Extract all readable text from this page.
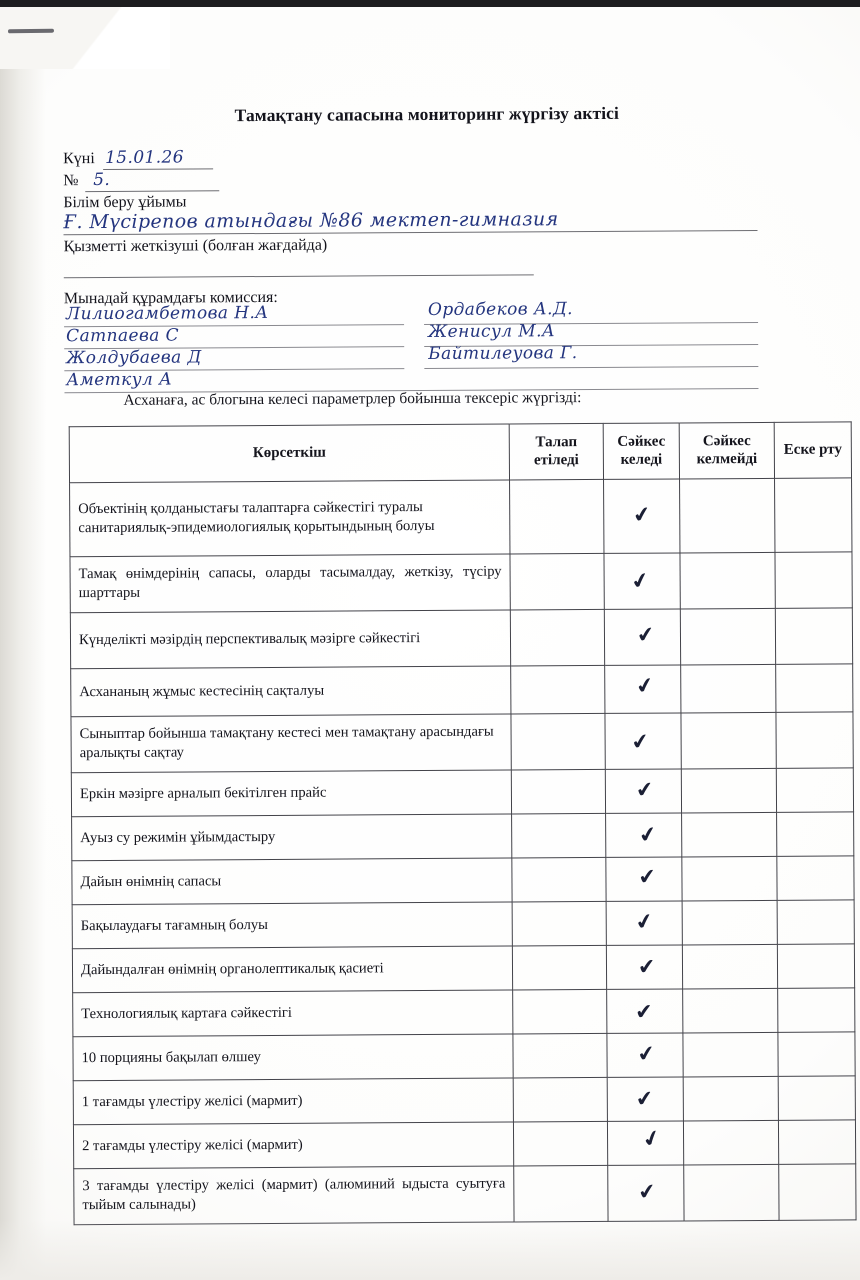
Тамақтану сапасына мониторинг жүргізу актісі
Күні 15.01.26
№ 5.
Білім беру ұйымы
Ғ. Мүсірепов атындағы №86 мектеп-гимназия
Қызметті жеткізуші (болған жағдайда)
Мынадай құрамдағы комиссия:
Лилиогамбетова Н.А	Ордабеков А.Д.
Сатпаева С	Женисул М.А
Жолдубаева Д	Байтилеуова Г.
Аметкул А
Асханаға, ас блогына келесі параметрлер бойынша тексеріс жүргізді:
Көрсеткіш	Талап етіледі	Сәйкес келеді	Сәйкес келмейді	Еске рту
Объектінің қолданыстағы талаптарға сәйкестігі туралы санитариялық-эпидемиологиялық қорытындының болуы		✔		
Тамақ өнімдерінің сапасы, оларды тасымалдау, жеткізу, түсіру шарттары		✔		
Күнделікті мәзірдің перспективалық мәзірге сәйкестігі		✔		
Асхананың жұмыс кестесінің сақталуы		✔		
Сыныптар бойынша тамақтану кестесі мен тамақтану арасындағы аралықты сақтау		✔		
Еркін мәзірге арналып бекітілген прайс		✔		
Ауыз су режимін ұйымдастыру		✔		
Дайын өнімнің сапасы		✔		
Бақылаудағы тағамның болуы		✔		
Дайындалған өнімнің органолептикалық қасиеті		✔		
Технологиялық картаға сәйкестігі		✔		
10 порцияны бақылап өлшеу		✔		
1 тағамды үлестіру желісі (мармит)		✔		
2 тағамды үлестіру желісі (мармит)		✔		
3 тағамды үлестіру желісі (мармит) (алюминий ыдыста суытуға тыйым салынады)		✔		
